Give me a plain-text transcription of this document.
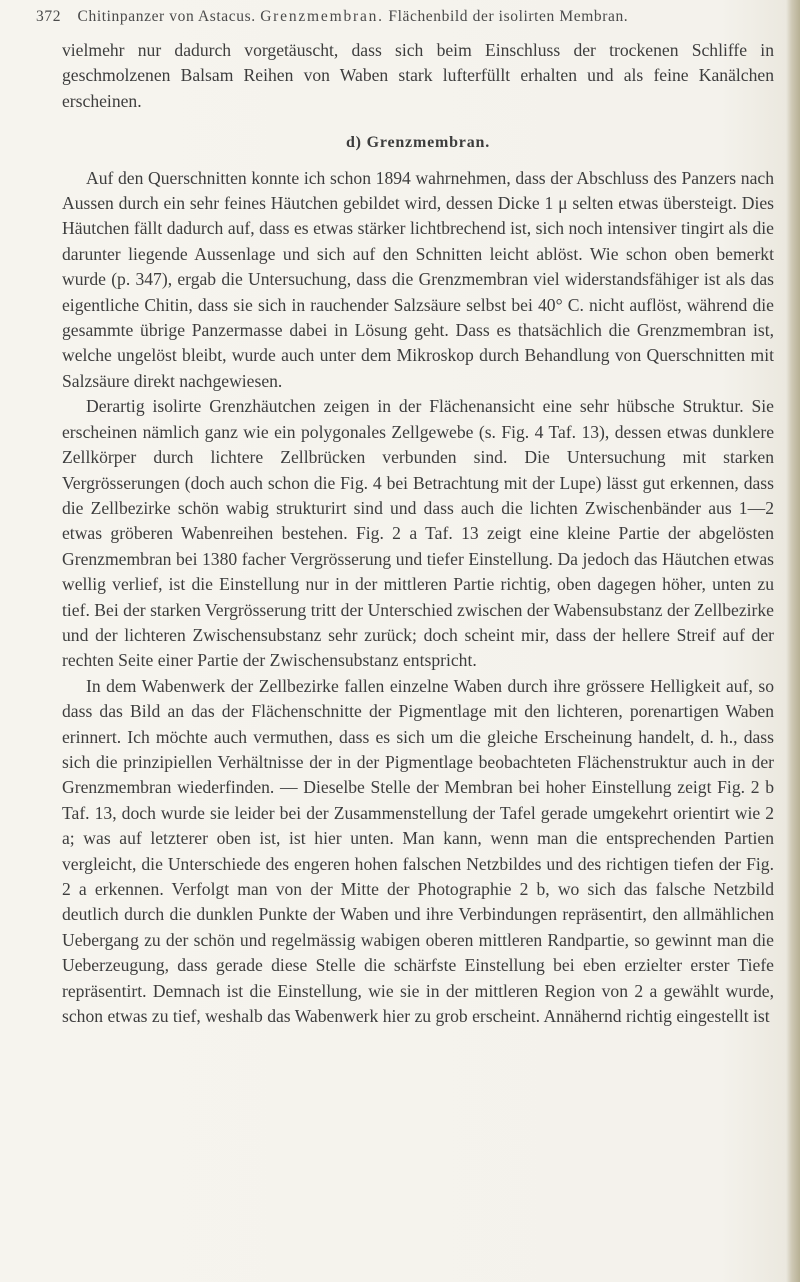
372 Chitinpanzer von Astacus. Grenzmembran. Flächenbild der isolirten Membran.

vielmehr nur dadurch vorgetäuscht, dass sich beim Einschluss der trockenen Schliffe in geschmolzenen Balsam Reihen von Waben stark lufterfüllt erhalten und als feine Kanälchen erscheinen.

d) Grenzmembran.

Auf den Querschnitten konnte ich schon 1894 wahrnehmen, dass der Abschluss des Panzers nach Aussen durch ein sehr feines Häutchen gebildet wird, dessen Dicke 1 μ selten etwas übersteigt. Dies Häutchen fällt dadurch auf, dass es etwas stärker lichtbrechend ist, sich noch intensiver tingirt als die darunter liegende Aussenlage und sich auf den Schnitten leicht ablöst. Wie schon oben bemerkt wurde (p. 347), ergab die Untersuchung, dass die Grenzmembran viel widerstandsfähiger ist als das eigentliche Chitin, dass sie sich in rauchender Salzsäure selbst bei 40° C. nicht auflöst, während die gesammte übrige Panzermasse dabei in Lösung geht. Dass es thatsächlich die Grenzmembran ist, welche ungelöst bleibt, wurde auch unter dem Mikroskop durch Behandlung von Querschnitten mit Salzsäure direkt nachgewiesen.

Derartig isolirte Grenzhäutchen zeigen in der Flächenansicht eine sehr hübsche Struktur. Sie erscheinen nämlich ganz wie ein polygonales Zellgewebe (s. Fig. 4 Taf. 13), dessen etwas dunklere Zellkörper durch lichtere Zellbrücken verbunden sind. Die Untersuchung mit starken Vergrösserungen (doch auch schon die Fig. 4 bei Betrachtung mit der Lupe) lässt gut erkennen, dass die Zellbezirke schön wabig strukturirt sind und dass auch die lichten Zwischenbänder aus 1—2 etwas gröberen Wabenreihen bestehen. Fig. 2 a Taf. 13 zeigt eine kleine Partie der abgelösten Grenzmembran bei 1380 facher Vergrösserung und tiefer Einstellung. Da jedoch das Häutchen etwas wellig verlief, ist die Einstellung nur in der mittleren Partie richtig, oben dagegen höher, unten zu tief. Bei der starken Vergrösserung tritt der Unterschied zwischen der Wabensubstanz der Zellbezirke und der lichteren Zwischensubstanz sehr zurück; doch scheint mir, dass der hellere Streif auf der rechten Seite einer Partie der Zwischensubstanz entspricht.

In dem Wabenwerk der Zellbezirke fallen einzelne Waben durch ihre grössere Helligkeit auf, so dass das Bild an das der Flächenschnitte der Pigmentlage mit den lichteren, porenartigen Waben erinnert. Ich möchte auch vermuthen, dass es sich um die gleiche Erscheinung handelt, d. h., dass sich die prinzipiellen Verhältnisse der in der Pigmentlage beobachteten Flächenstruktur auch in der Grenzmembran wiederfinden. — Dieselbe Stelle der Membran bei hoher Einstellung zeigt Fig. 2 b Taf. 13, doch wurde sie leider bei der Zusammenstellung der Tafel gerade umgekehrt orientirt wie 2 a; was auf letzterer oben ist, ist hier unten. Man kann, wenn man die entsprechenden Partien vergleicht, die Unterschiede des engeren hohen falschen Netzbildes und des richtigen tiefen der Fig. 2 a erkennen. Verfolgt man von der Mitte der Photographie 2 b, wo sich das falsche Netzbild deutlich durch die dunklen Punkte der Waben und ihre Verbindungen repräsentirt, den allmählichen Uebergang zu der schön und regelmässig wabigen oberen mittleren Randpartie, so gewinnt man die Ueberzeugung, dass gerade diese Stelle die schärfste Einstellung bei eben erzielter erster Tiefe repräsentirt. Demnach ist die Einstellung, wie sie in der mittleren Region von 2 a gewählt wurde, schon etwas zu tief, weshalb das Wabenwerk hier zu grob erscheint. Annähernd richtig eingestellt ist
